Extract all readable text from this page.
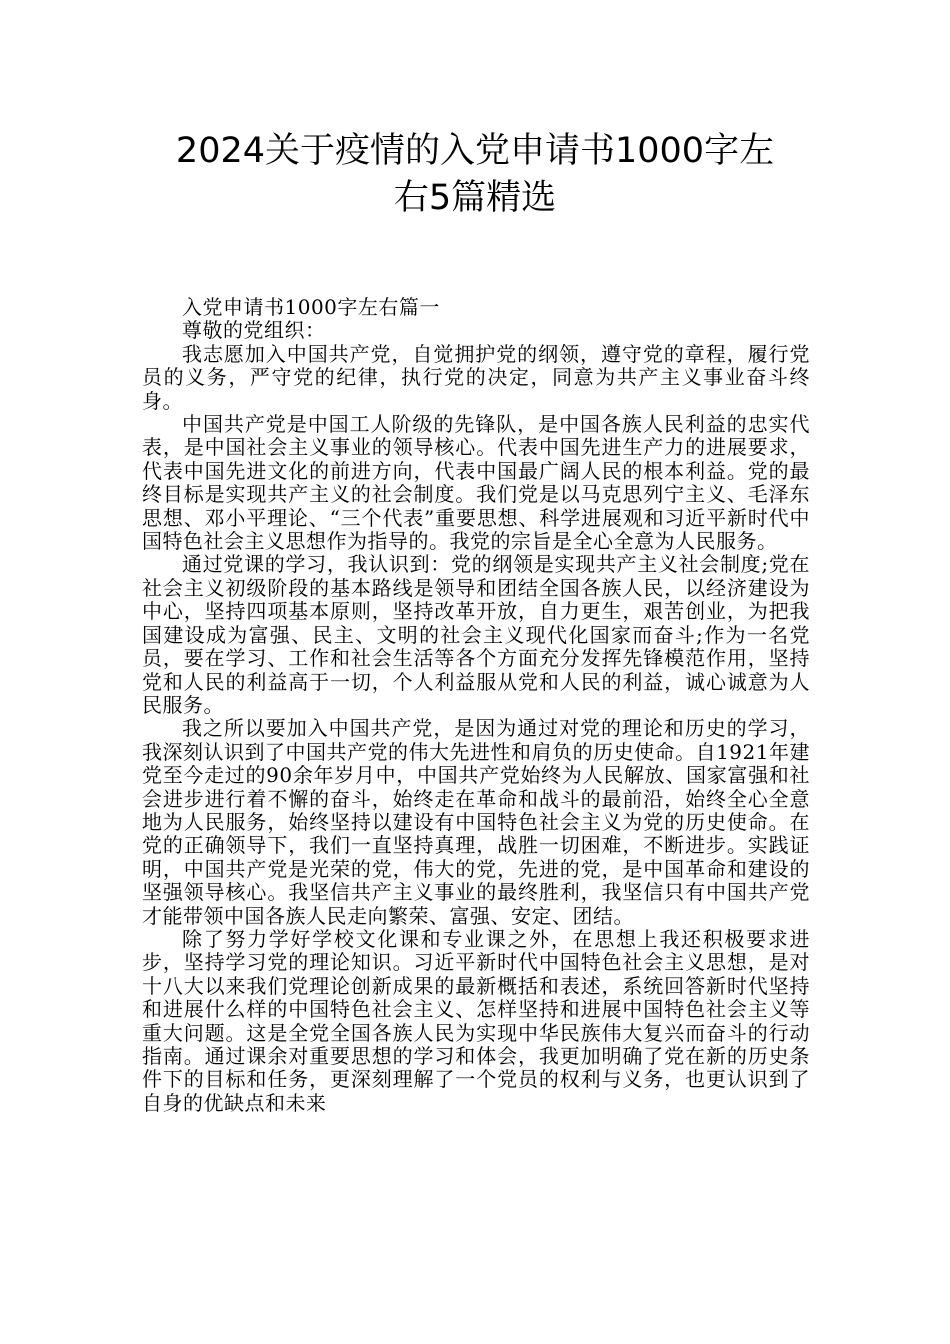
2024关于疫情的入党申请书1000字左
右5篇精选

入党申请书1000字左右篇一

尊敬的党组织：

我志愿加入中国共产党，自觉拥护党的纲领，遵守党的章程，履行党员的义务，严守党的纪律，执行党的决定，同意为共产主义事业奋斗终身。

中国共产党是中国工人阶级的先锋队，是中国各族人民利益的忠实代表，是中国社会主义事业的领导核心。代表中国先进生产力的进展要求，代表中国先进文化的前进方向，代表中国最广阔人民的根本利益。党的最终目标是实现共产主义的社会制度。我们党是以马克思列宁主义、毛泽东思想、邓小平理论、“三个代表”重要思想、科学进展观和习近平新时代中国特色社会主义思想作为指导的。我党的宗旨是全心全意为人民服务。

通过党课的学习，我认识到：党的纲领是实现共产主义社会制度;党在社会主义初级阶段的基本路线是领导和团结全国各族人民，以经济建设为中心，坚持四项基本原则，坚持改革开放，自力更生，艰苦创业，为把我国建设成为富强、民主、文明的社会主义现代化国家而奋斗;作为一名党员，要在学习、工作和社会生活等各个方面充分发挥先锋模范作用，坚持党和人民的利益高于一切，个人利益服从党和人民的利益，诚心诚意为人民服务。

我之所以要加入中国共产党，是因为通过对党的理论和历史的学习，我深刻认识到了中国共产党的伟大先进性和肩负的历史使命。自1921年建党至今走过的90余年岁月中，中国共产党始终为人民解放、国家富强和社会进步进行着不懈的奋斗，始终走在革命和战斗的最前沿，始终全心全意地为人民服务，始终坚持以建设有中国特色社会主义为党的历史使命。在党的正确领导下，我们一直坚持真理，战胜一切困难，不断进步。实践证明，中国共产党是光荣的党，伟大的党，先进的党，是中国革命和建设的坚强领导核心。我坚信共产主义事业的最终胜利，我坚信只有中国共产党才能带领中国各族人民走向繁荣、富强、安定、团结。

除了努力学好学校文化课和专业课之外，在思想上我还积极要求进步，坚持学习党的理论知识。习近平新时代中国特色社会主义思想，是对十八大以来我们党理论创新成果的最新概括和表述，系统回答新时代坚持和进展什么样的中国特色社会主义、怎样坚持和进展中国特色社会主义等重大问题。这是全党全国各族人民为实现中华民族伟大复兴而奋斗的行动指南。通过课余对重要思想的学习和体会，我更加明确了党在新的历史条件下的目标和任务，更深刻理解了一个党员的权利与义务，也更认识到了自身的优缺点和未来
